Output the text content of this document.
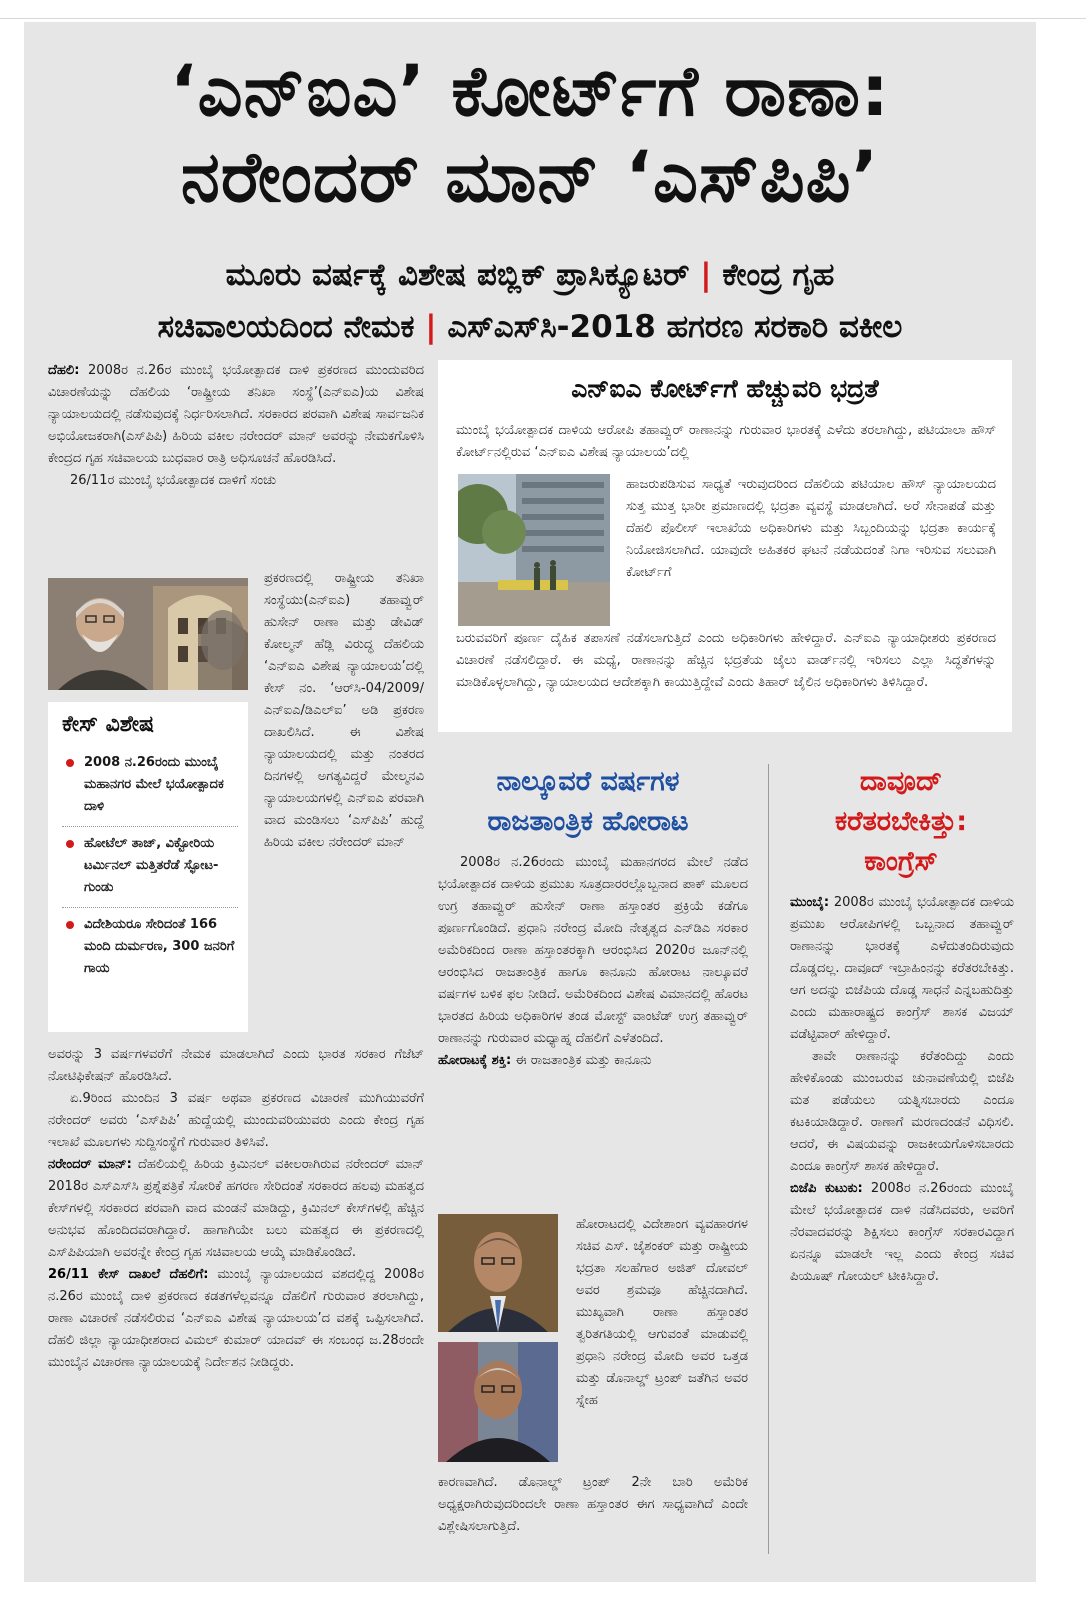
‘ಎನ್‌ಐಎ’ ಕೋರ್ಟ್‌ಗೆ ರಾಣಾ:
ನರೇಂದರ್ ಮಾನ್ ‘ಎಸ್‌ಪಿಪಿ’
ಮೂರು ವರ್ಷಕ್ಕೆ ವಿಶೇಷ ಪಬ್ಲಿಕ್ ಪ್ರಾಸಿಕ್ಯೂಟರ್ | ಕೇಂದ್ರ ಗೃಹ
ಸಚಿವಾಲಯದಿಂದ ನೇಮಕ | ಎಸ್‌ಎಸ್‌ಸಿ-2018 ಹಗರಣ ಸರಕಾರಿ ವಕೀಲ

ದೆಹಲಿ: 2008ರ ನ.26ರ ಮುಂಬೈ ಭಯೋತ್ಪಾದಕ ದಾಳಿ ಪ್ರಕರಣದ ಮುಂದುವರಿದ ವಿಚಾರಣೆಯನ್ನು ದೆಹಲಿಯ ‘ರಾಷ್ಟ್ರೀಯ ತನಿಖಾ ಸಂಸ್ಥೆ’(ಎನ್‌ಐಎ)ಯ ವಿಶೇಷ ನ್ಯಾಯಾಲಯದಲ್ಲಿ ನಡೆಸುವುದಕ್ಕೆ ನಿರ್ಧರಿಸಲಾಗಿದೆ. ಸರಕಾರದ ಪರವಾಗಿ ವಿಶೇಷ ಸಾರ್ವಜನಿಕ ಅಭಿಯೋಜಕರಾಗಿ(ಎಸ್‌ಪಿಪಿ) ಹಿರಿಯ ವಕೀಲ ನರೇಂದರ್ ಮಾನ್ ಅವರನ್ನು ನೇಮಕಗೊಳಿಸಿ ಕೇಂದ್ರದ ಗೃಹ ಸಚಿವಾಲಯ ಬುಧವಾರ ರಾತ್ರಿ ಅಧಿಸೂಚನೆ ಹೊರಡಿಸಿದೆ.

26/11ರ ಮುಂಬೈ ಭಯೋತ್ಪಾದಕ ದಾಳಿಗೆ ಸಂಚು

ಪ್ರಕರಣದಲ್ಲಿ ರಾಷ್ಟ್ರೀಯ ತನಿಖಾ ಸಂಸ್ಥೆಯು(ಎನ್‌ಐಎ) ತಹಾವ್ವುರ್ ಹುಸೇನ್ ರಾಣಾ ಮತ್ತು ಡೇವಿಡ್ ಕೋಲ್ಮನ್ ಹೆಡ್ಲಿ ವಿರುದ್ಧ ದೆಹಲಿಯ ‘ಎನ್‌ಐಎ ವಿಶೇಷ ನ್ಯಾಯಾಲಯ’ದಲ್ಲಿ ಕೇಸ್ ನಂ. ‘ಆರ್‌ಸಿ-04/2009/ಎನ್‌ಐಎ/ಡಿಎಲ್‌ಐ’ ಅಡಿ ಪ್ರಕರಣ ದಾಖಲಿಸಿದೆ. ಈ ವಿಶೇಷ ನ್ಯಾಯಾಲಯದಲ್ಲಿ ಮತ್ತು ನಂತರದ ದಿನಗಳಲ್ಲಿ ಅಗತ್ಯವಿದ್ದರೆ ಮೇಲ್ಮನವಿ ನ್ಯಾಯಾಲಯಗಳಲ್ಲಿ ಎನ್‌ಐಎ ಪರವಾಗಿ ವಾದ ಮಂಡಿಸಲು ‘ಎಸ್‌ಪಿಪಿ’ ಹುದ್ದೆ ಹಿರಿಯ ವಕೀಲ ನರೇಂದರ್ ಮಾನ್

ಕೇಸ್ ವಿಶೇಷ
2008 ನ.26ರಂದು ಮುಂಬೈ ಮಹಾನಗರ ಮೇಲೆ ಭಯೋತ್ಪಾದಕ ದಾಳಿ
ಹೋಟೆಲ್ ತಾಜ್, ವಿಕ್ಟೋರಿಯ ಟರ್ಮಿನಲ್ ಮತ್ತಿತರೆಡೆ ಸ್ಫೋಟ-ಗುಂಡು
ವಿದೇಶಿಯರೂ ಸೇರಿದಂತೆ 166 ಮಂದಿ ದುರ್ಮರಣ, 300 ಜನರಿಗೆ ಗಾಯ

ಅವರನ್ನು 3 ವರ್ಷಗಳವರೆಗೆ ನೇಮಕ ಮಾಡಲಾಗಿದೆ ಎಂದು ಭಾರತ ಸರಕಾರ ಗೆಜೆಟ್ ನೋಟಿಫಿಕೇಷನ್ ಹೊರಡಿಸಿದೆ.

ಏ.9ರಿಂದ ಮುಂದಿನ 3 ವರ್ಷ ಅಥವಾ ಪ್ರಕರಣದ ವಿಚಾರಣೆ ಮುಗಿಯುವರೆಗೆ ನರೇಂದರ್ ಅವರು ‘ಎಸ್‌ಪಿಪಿ’ ಹುದ್ದೆಯಲ್ಲಿ ಮುಂದುವರಿಯುವರು ಎಂದು ಕೇಂದ್ರ ಗೃಹ ಇಲಾಖೆ ಮೂಲಗಳು ಸುದ್ದಿಸಂಸ್ಥೆಗೆ ಗುರುವಾರ ತಿಳಿಸಿವೆ.

ನರೇಂದರ್ ಮಾನ್: ದೆಹಲಿಯಲ್ಲಿ ಹಿರಿಯ ಕ್ರಿಮಿನಲ್ ವಕೀಲರಾಗಿರುವ ನರೇಂದರ್ ಮಾನ್ 2018ರ ಎಸ್‌ಎಸ್‌ಸಿ ಪ್ರಶ್ನೆಪತ್ರಿಕೆ ಸೋರಿಕೆ ಹಗರಣ ಸೇರಿದಂತೆ ಸರಕಾರದ ಹಲವು ಮಹತ್ವದ ಕೇಸ್‌ಗಳಲ್ಲಿ ಸರಕಾರದ ಪರವಾಗಿ ವಾದ ಮಂಡನೆ ಮಾಡಿದ್ದು, ಕ್ರಿಮಿನಲ್ ಕೇಸ್‌ಗಳಲ್ಲಿ ಹೆಚ್ಚಿನ ಅನುಭವ ಹೊಂದಿದವರಾಗಿದ್ದಾರೆ. ಹಾಗಾಗಿಯೇ ಬಲು ಮಹತ್ವದ ಈ ಪ್ರಕರಣದಲ್ಲಿ ಎಸ್‌ಪಿಪಿಯಾಗಿ ಅವರನ್ನೇ ಕೇಂದ್ರ ಗೃಹ ಸಚಿವಾಲಯ ಆಯ್ಕೆ ಮಾಡಿಕೊಂಡಿದೆ.

26/11 ಕೇಸ್ ದಾಖಲೆ ದೆಹಲಿಗೆ: ಮುಂಬೈ ನ್ಯಾಯಾಲಯದ ವಶದಲ್ಲಿದ್ದ 2008ರ ನ.26ರ ಮುಂಬೈ ದಾಳಿ ಪ್ರಕರಣದ ಕಡತಗಳೆಲ್ಲವನ್ನೂ ದೆಹಲಿಗೆ ಗುರುವಾರ ತರಲಾಗಿದ್ದು, ರಾಣಾ ವಿಚಾರಣೆ ನಡೆಸಲಿರುವ ‘ಎನ್‌ಐಎ ವಿಶೇಷ ನ್ಯಾಯಾಲಯ’ದ ವಶಕ್ಕೆ ಒಪ್ಪಿಸಲಾಗಿದೆ. ದೆಹಲಿ ಜಿಲ್ಲಾ ನ್ಯಾಯಾಧೀಶರಾದ ವಿಮಲ್ ಕುಮಾರ್ ಯಾದವ್ ಈ ಸಂಬಂಧ ಜ.28ರಂದೇ ಮುಂಬೈನ ವಿಚಾರಣಾ ನ್ಯಾಯಾಲಯಕ್ಕೆ ನಿರ್ದೇಶನ ನೀಡಿದ್ದರು.

ಎನ್‌ಐಎ ಕೋರ್ಟ್‌ಗೆ ಹೆಚ್ಚುವರಿ ಭದ್ರತೆ

ಮುಂಬೈ ಭಯೋತ್ಪಾದಕ ದಾಳಿಯ ಆರೋಪಿ ತಹಾವ್ವುರ್ ರಾಣಾನನ್ನು ಗುರುವಾರ ಭಾರತಕ್ಕೆ ಎಳೆದು ತರಲಾಗಿದ್ದು, ಪಟಿಯಾಲಾ ಹೌಸ್ ಕೋರ್ಟ್‌ನಲ್ಲಿರುವ ‘ಎನ್‌ಐಎ ವಿಶೇಷ ನ್ಯಾಯಾಲಯ’ದಲ್ಲಿ

ಹಾಜರುಪಡಿಸುವ ಸಾಧ್ಯತೆ ಇರುವುದರಿಂದ ದೆಹಲಿಯ ಪಟಿಯಾಲ ಹೌಸ್ ನ್ಯಾಯಾಲಯದ ಸುತ್ತ ಮುತ್ತ ಭಾರೀ ಪ್ರಮಾಣದಲ್ಲಿ ಭದ್ರತಾ ವ್ಯವಸ್ಥೆ ಮಾಡಲಾಗಿದೆ. ಅರೆ ಸೇನಾಪಡೆ ಮತ್ತು ದೆಹಲಿ ಪೊಲೀಸ್ ಇಲಾಖೆಯ ಅಧಿಕಾರಿಗಳು ಮತ್ತು ಸಿಬ್ಬಂದಿಯನ್ನು ಭದ್ರತಾ ಕಾರ್ಯಕ್ಕೆ ನಿಯೋಜಿಸಲಾಗಿದೆ. ಯಾವುದೇ ಅಹಿತಕರ ಘಟನೆ ನಡೆಯದಂತೆ ನಿಗಾ ಇರಿಸುವ ಸಲುವಾಗಿ ಕೋರ್ಟ್‌ಗೆ

ಬರುವವರಿಗೆ ಪೂರ್ಣ ದೈಹಿಕ ತಪಾಸಣೆ ನಡೆಸಲಾಗುತ್ತಿದೆ ಎಂದು ಅಧಿಕಾರಿಗಳು ಹೇಳಿದ್ದಾರೆ. ಎನ್‌ಐಎ ನ್ಯಾಯಾಧೀಶರು ಪ್ರಕರಣದ ವಿಚಾರಣೆ ನಡೆಸಲಿದ್ದಾರೆ. ಈ ಮಧ್ಯೆ, ರಾಣಾನನ್ನು ಹೆಚ್ಚಿನ ಭದ್ರತೆಯ ಜೈಲು ವಾರ್ಡ್‌ನಲ್ಲಿ ಇರಿಸಲು ಎಲ್ಲಾ ಸಿದ್ಧತೆಗಳನ್ನು ಮಾಡಿಕೊಳ್ಳಲಾಗಿದ್ದು, ನ್ಯಾಯಾಲಯದ ಆದೇಶಕ್ಕಾಗಿ ಕಾಯುತ್ತಿದ್ದೇವೆ ಎಂದು ತಿಹಾರ್ ಜೈಲಿನ ಅಧಿಕಾರಿಗಳು ತಿಳಿಸಿದ್ದಾರೆ.

ನಾಲ್ಕೂವರೆ ವರ್ಷಗಳ
ರಾಜತಾಂತ್ರಿಕ ಹೋರಾಟ

2008ರ ನ.26ರಂದು ಮುಂಬೈ ಮಹಾನಗರದ ಮೇಲೆ ನಡೆದ ಭಯೋತ್ಪಾದಕ ದಾಳಿಯ ಪ್ರಮುಖ ಸೂತ್ರದಾರರಲ್ಲೊಬ್ಬನಾದ ಪಾಕ್ ಮೂಲದ ಉಗ್ರ ತಹಾವ್ವುರ್ ಹುಸೇನ್ ರಾಣಾ ಹಸ್ತಾಂತರ ಪ್ರಕ್ರಿಯೆ ಕಡೆಗೂ ಪೂರ್ಣಗೊಂಡಿದೆ. ಪ್ರಧಾನಿ ನರೇಂದ್ರ ಮೋದಿ ನೇತೃತ್ವದ ಎನ್‌ಡಿಎ ಸರಕಾರ ಅಮೆರಿಕದಿಂದ ರಾಣಾ ಹಸ್ತಾಂತರಕ್ಕಾಗಿ ಆರಂಭಿಸಿದ 2020ರ ಜೂನ್‌ನಲ್ಲಿ ಆರಂಭಿಸಿದ ರಾಜತಾಂತ್ರಿಕ ಹಾಗೂ ಕಾನೂನು ಹೋರಾಟ ನಾಲ್ಕೂವರೆ ವರ್ಷಗಳ ಬಳಿಕ ಫಲ ನೀಡಿದೆ. ಅಮೆರಿಕದಿಂದ ವಿಶೇಷ ವಿಮಾನದಲ್ಲಿ ಹೊರಟ ಭಾರತದ ಹಿರಿಯ ಅಧಿಕಾರಿಗಳ ತಂಡ ಮೋಸ್ಟ್ ವಾಂಟೆಡ್ ಉಗ್ರ ತಹಾವ್ವುರ್ ರಾಣಾನನ್ನು ಗುರುವಾರ ಮಧ್ಯಾಹ್ನ ದೆಹಲಿಗೆ ಎಳೆತಂದಿದೆ.

ಹೋರಾಟಕ್ಕೆ ಶಕ್ತಿ: ಈ ರಾಜತಾಂತ್ರಿಕ ಮತ್ತು ಕಾನೂನು

ಹೋರಾಟದಲ್ಲಿ ವಿದೇಶಾಂಗ ವ್ಯವಹಾರಗಳ ಸಚಿವ ಎಸ್. ಜೈಶಂಕರ್ ಮತ್ತು ರಾಷ್ಟ್ರೀಯ ಭದ್ರತಾ ಸಲಹೆಗಾರ ಅಜಿತ್ ದೋವಲ್ ಅವರ ಶ್ರಮವೂ ಹೆಚ್ಚಿನದಾಗಿದೆ. ಮುಖ್ಯವಾಗಿ ರಾಣಾ ಹಸ್ತಾಂತರ ತ್ವರಿತಗತಿಯಲ್ಲಿ ಆಗುವಂತೆ ಮಾಡುವಲ್ಲಿ ಪ್ರಧಾನಿ ನರೇಂದ್ರ ಮೋದಿ ಅವರ ಒತ್ತಡ ಮತ್ತು ಡೊನಾಲ್ಡ್ ಟ್ರಂಪ್ ಜತೆಗಿನ ಅವರ ಸ್ನೇಹ

ಕಾರಣವಾಗಿದೆ. ಡೊನಾಲ್ಡ್ ಟ್ರಂಪ್ 2ನೇ ಬಾರಿ ಅಮೆರಿಕ ಅಧ್ಯಕ್ಷರಾಗಿರುವುದರಿಂದಲೇ ರಾಣಾ ಹಸ್ತಾಂತರ ಈಗ ಸಾಧ್ಯವಾಗಿದೆ ಎಂದೇ ವಿಶ್ಲೇಷಿಸಲಾಗುತ್ತಿದೆ.

ದಾವೂದ್
ಕರೆತರಬೇಕಿತ್ತು:
ಕಾಂಗ್ರೆಸ್

ಮುಂಬೈ: 2008ರ ಮುಂಬೈ ಭಯೋತ್ಪಾದಕ ದಾಳಿಯ ಪ್ರಮುಖ ಆರೋಪಿಗಳಲ್ಲಿ ಒಬ್ಬನಾದ ತಹಾವ್ವುರ್ ರಾಣಾನನ್ನು ಭಾರತಕ್ಕೆ ಎಳೆದುತಂದಿರುವುದು ದೊಡ್ಡದಲ್ಲ. ದಾವೂದ್ ಇಬ್ರಾಹಿಂನನ್ನು ಕರೆತರಬೇಕಿತ್ತು. ಆಗ ಅದನ್ನು ಬಿಜೆಪಿಯ ದೊಡ್ಡ ಸಾಧನೆ ಎನ್ನಬಹುದಿತ್ತು ಎಂದು ಮಹಾರಾಷ್ಟ್ರದ ಕಾಂಗ್ರೆಸ್ ಶಾಸಕ ವಿಜಯ್ ವಡೆಟ್ಟಿವಾರ್ ಹೇಳಿದ್ದಾರೆ.

ತಾವೇ ರಾಣಾನನ್ನು ಕರೆತಂದಿದ್ದು ಎಂದು ಹೇಳಿಕೊಂಡು ಮುಂಬರುವ ಚುನಾವಣೆಯಲ್ಲಿ ಬಿಜೆಪಿ ಮತ ಪಡೆಯಲು ಯತ್ನಿಸಬಾರದು ಎಂದೂ ಕಟಕಿಯಾಡಿದ್ದಾರೆ. ರಾಣಾಗೆ ಮರಣದಂಡನೆ ವಿಧಿಸಲಿ. ಆದರೆ, ಈ ವಿಷಯವನ್ನು ರಾಜಕೀಯಗೊಳಿಸಬಾರದು ಎಂದೂ ಕಾಂಗ್ರೆಸ್ ಶಾಸಕ ಹೇಳಿದ್ದಾರೆ.

ಬಿಜೆಪಿ ಕುಟುಕು: 2008ರ ನ.26ರಂದು ಮುಂಬೈ ಮೇಲೆ ಭಯೋತ್ಪಾದಕ ದಾಳಿ ನಡೆಸಿದವರು, ಅವರಿಗೆ ನೆರವಾದವರನ್ನು ಶಿಕ್ಷಿಸಲು ಕಾಂಗ್ರೆಸ್ ಸರಕಾರವಿದ್ದಾಗ ಏನನ್ನೂ ಮಾಡಲೇ ಇಲ್ಲ ಎಂದು ಕೇಂದ್ರ ಸಚಿವ ಪಿಯೂಷ್ ಗೋಯಲ್ ಟೀಕಿಸಿದ್ದಾರೆ.
